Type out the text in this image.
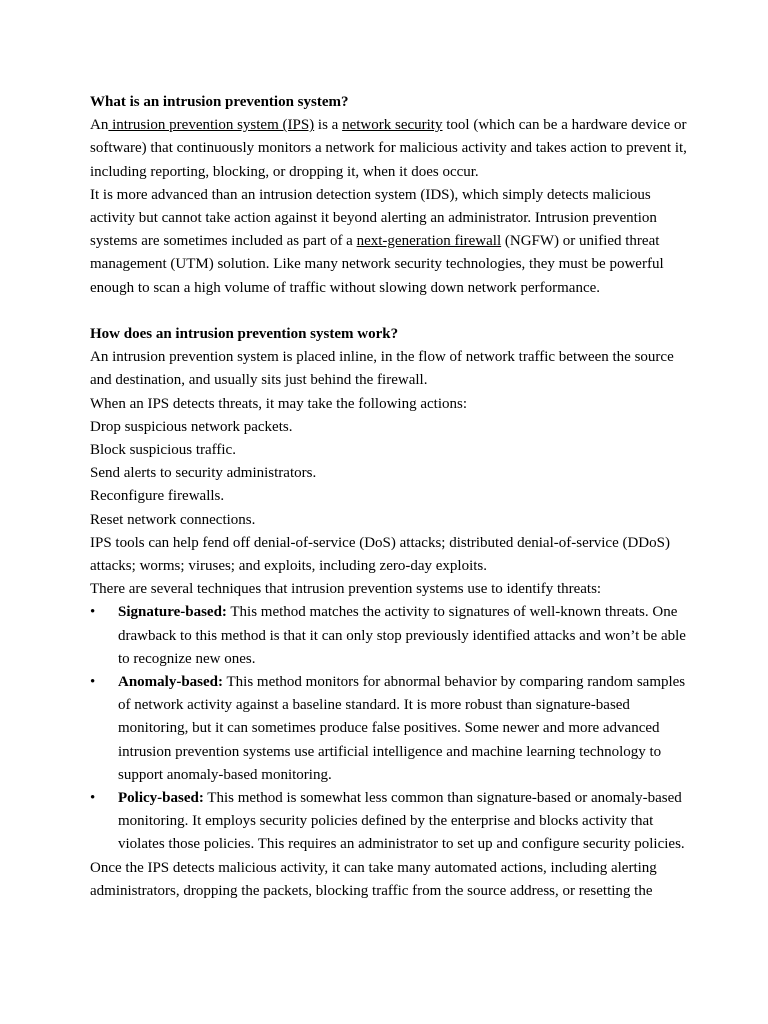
What is an intrusion prevention system?

An intrusion prevention system (IPS) is a network security tool (which can be a hardware device or software) that continuously monitors a network for malicious activity and takes action to prevent it, including reporting, blocking, or dropping it, when it does occur.

It is more advanced than an intrusion detection system (IDS), which simply detects malicious activity but cannot take action against it beyond alerting an administrator. Intrusion prevention systems are sometimes included as part of a next-generation firewall (NGFW) or unified threat management (UTM) solution. Like many network security technologies, they must be powerful enough to scan a high volume of traffic without slowing down network performance.

How does an intrusion prevention system work?

An intrusion prevention system is placed inline, in the flow of network traffic between the source and destination, and usually sits just behind the firewall.

When an IPS detects threats, it may take the following actions:

Drop suspicious network packets.

Block suspicious traffic.

Send alerts to security administrators.

Reconfigure firewalls.

Reset network connections.

IPS tools can help fend off denial-of-service (DoS) attacks; distributed denial-of-service (DDoS) attacks; worms; viruses; and exploits, including zero-day exploits.

There are several techniques that intrusion prevention systems use to identify threats:

• Signature-based: This method matches the activity to signatures of well-known threats. One drawback to this method is that it can only stop previously identified attacks and won’t be able to recognize new ones.
• Anomaly-based: This method monitors for abnormal behavior by comparing random samples of network activity against a baseline standard. It is more robust than signature-based monitoring, but it can sometimes produce false positives. Some newer and more advanced intrusion prevention systems use artificial intelligence and machine learning technology to support anomaly-based monitoring.
• Policy-based: This method is somewhat less common than signature-based or anomaly-based monitoring. It employs security policies defined by the enterprise and blocks activity that violates those policies. This requires an administrator to set up and configure security policies.

Once the IPS detects malicious activity, it can take many automated actions, including alerting administrators, dropping the packets, blocking traffic from the source address, or resetting the
